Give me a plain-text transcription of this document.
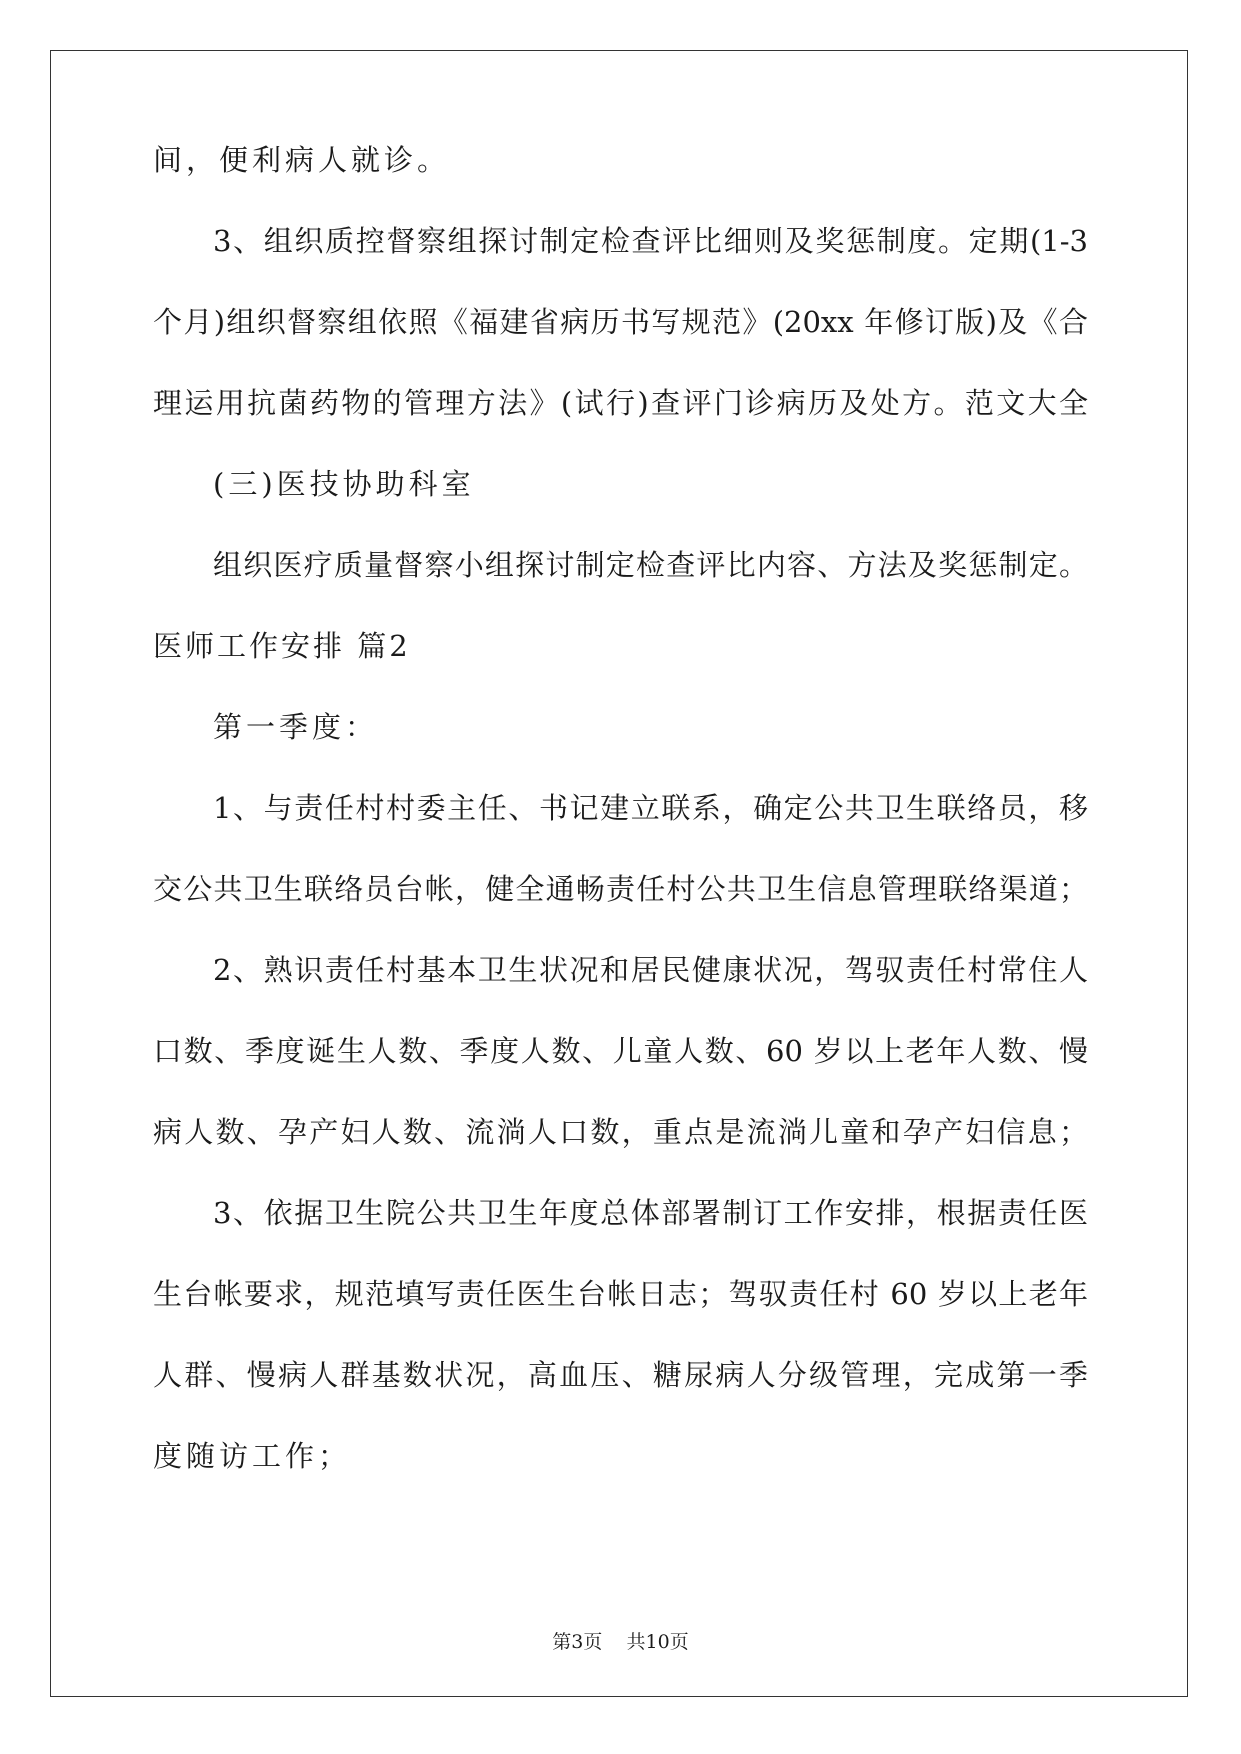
间，便利病人就诊。
3、组织质控督察组探讨制定检查评比细则及奖惩制度。定期(1-3
个月)组织督察组依照《福建省病历书写规范》(20xx 年修订版)及《合
理运用抗菌药物的管理方法》(试行)查评门诊病历及处方。范文大全
(三)医技协助科室
组织医疗质量督察小组探讨制定检查评比内容、方法及奖惩制定。
医师工作安排 篇2
第一季度：
1、与责任村村委主任、书记建立联系，确定公共卫生联络员，移
交公共卫生联络员台帐，健全通畅责任村公共卫生信息管理联络渠道；
2、熟识责任村基本卫生状况和居民健康状况，驾驭责任村常住人
口数、季度诞生人数、季度人数、儿童人数、60 岁以上老年人数、慢
病人数、孕产妇人数、流淌人口数，重点是流淌儿童和孕产妇信息；
3、依据卫生院公共卫生年度总体部署制订工作安排，根据责任医
生台帐要求，规范填写责任医生台帐日志；驾驭责任村 60 岁以上老年
人群、慢病人群基数状况，高血压、糖尿病人分级管理，完成第一季
度随访工作；
第3页 共10页
